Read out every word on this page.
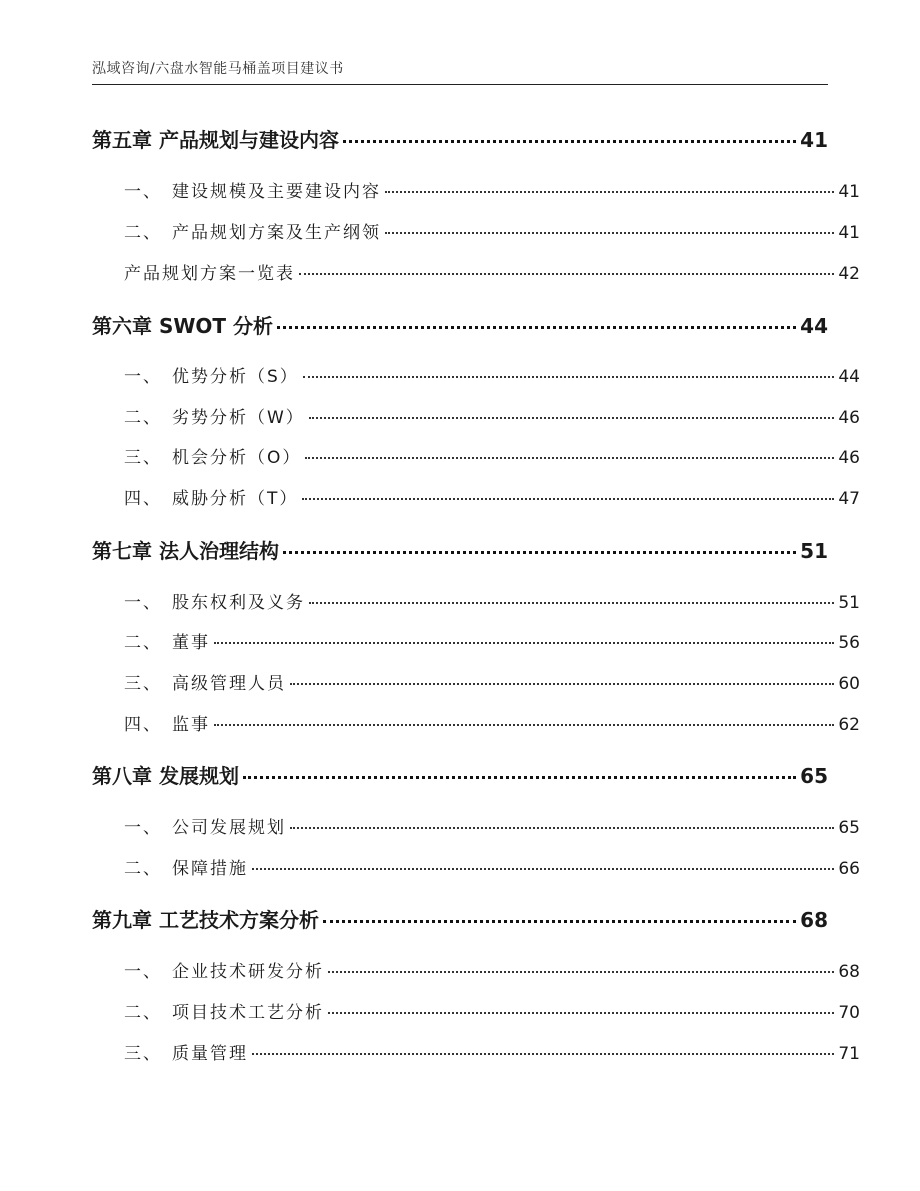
泓域咨询/六盘水智能马桶盖项目建议书
第五章 产品规划与建设内容	41
一、 建设规模及主要建设内容	41
二、 产品规划方案及生产纲领	41
产品规划方案一览表	42
第六章 SWOT 分析	44
一、 优势分析（S）	44
二、 劣势分析（W）	46
三、 机会分析（O）	46
四、 威胁分析（T）	47
第七章 法人治理结构	51
一、 股东权利及义务	51
二、 董事	56
三、 高级管理人员	60
四、 监事	62
第八章 发展规划	65
一、 公司发展规划	65
二、 保障措施	66
第九章 工艺技术方案分析	68
一、 企业技术研发分析	68
二、 项目技术工艺分析	70
三、 质量管理	71
